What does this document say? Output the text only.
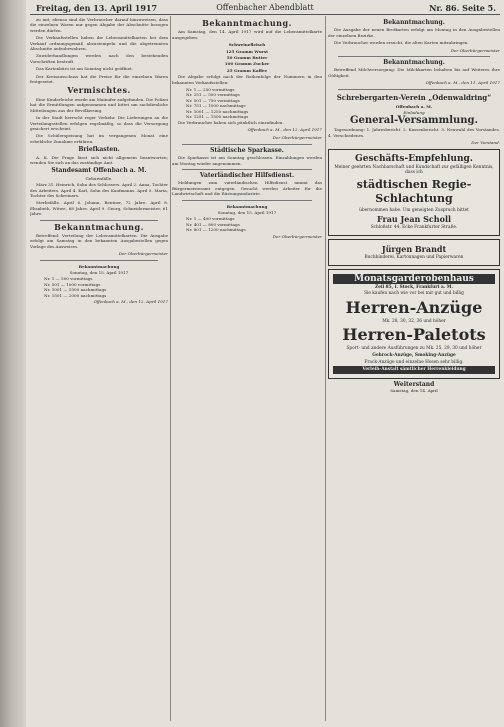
Freitag, den 13. April 1917	Offenbacher Abendblatt	Nr. 86. Seite 5.

zu mit; ebenso sind die Verbraucher darauf hinzuweisen, dass die einzelnen Waren nur gegen Abgabe der Abschnitte bezogen werden dürfen.

Die Verkaufsstellen haben die Lebensmittelkarten bei dem Verkauf ordnungsgemäß abzustempeln und die abgetrennten Abschnitte aufzubewahren.

Zuwiderhandlungen werden nach den bestehenden Vorschriften bestraft.

Das Kartenbüro ist am Sonntag nicht geöffnet.

Der Kreisausschuss hat die Preise für die einzelnen Waren festgesetzt.

Vermischtes.

Eine Kinderleiche wurde am Mainufer aufgefunden. Die Polizei hat die Ermittlungen aufgenommen und bittet um sachdienliche Mitteilungen aus der Bevölkerung.

In der Stadt herrscht reger Verkehr. Die Lieferungen an die Verteilungsstellen erfolgen regelmäßig, so dass die Versorgung gesichert erscheint.

Die Schülerspeisung hat im vergangenen Monat eine erhebliche Zunahme erfahren.

Briefkasten.

A. K. Die Frage lässt sich nicht allgemein beantworten; wenden Sie sich an das zuständige Amt.

Standesamt Offenbach a. M.
Geburtsfälle.

März 31. Heinrich, Sohn des Schlossers. April 2. Anna, Tochter des Arbeiters. April 4. Karl, Sohn des Kaufmanns. April 5. Maria, Tochter des Schreiners.

Sterbefälle. April 6. Johann, Rentner, 72 Jahre. April 8. Elisabeth, Witwe, 68 Jahre. April 9. Georg, Schneidermeister, 61 Jahre.

Bekanntmachung.

Betreffend: Verteilung der Lebensmittelkarten. Die Ausgabe erfolgt am Samstag in den bekannten Ausgabestellen gegen Vorlage des Ausweises.

Der Oberbürgermeister
Bekanntmachung
Sonntag, den 15. April 1917
Nr. 1 — 500 vormittags
Nr. 501 — 1000 vormittags
Nr. 1001 — 1500 nachmittags
Nr. 1501 — 2000 nachmittags
Offenbach a. M., den 12. April 1917
Bekanntmachung.

Am Samstag, den 14. April 1917 wird auf die Lebensmittelkarte ausgegeben:

Schweinefleisch
125 Gramm Wurst
50 Gramm Butter
100 Gramm Zucker
25 Gramm Kaffee

Die Abgabe erfolgt nach der Reihenfolge der Nummern in den bekannten Verkaufsstellen:

Nr. 1 — 250 vormittags
Nr. 251 — 500 vormittags
Nr. 501 — 750 vormittags
Nr. 751 — 1000 nachmittags
Nr. 1001 — 1250 nachmittags
Nr. 1251 — 1500 nachmittags

Die Verbraucher haben sich pünktlich einzufinden.

Offenbach a. M., den 12. April 1917
Der Oberbürgermeister
Städtische Sparkasse.

Die Sparkasse ist am Sonntag geschlossen. Einzahlungen werden am Montag wieder angenommen.

Vaterländischer Hilfsdienst.

Meldungen zum vaterländischen Hilfsdienst nimmt das Bürgermeisteramt entgegen. Gesucht werden Arbeiter für die Landwirtschaft und die Rüstungsindustrie.

Bekanntmachung
Sonntag, den 15. April 1917
Nr. 1 — 400 vormittags
Nr. 401 — 800 vormittags
Nr. 801 — 1200 nachmittags
Der Oberbürgermeister
Bekanntmachung.

Die Ausgabe der neuen Brotkarten erfolgt am Montag in den Ausgabestellen der einzelnen Bezirke.

Die Verbraucher werden ersucht, die alten Karten mitzubringen.

Der Oberbürgermeister
Bekanntmachung.

Betreffend Milchversorgung: Die Milchkarten behalten bis auf Weiteres ihre Gültigkeit.

Offenbach a. M., den 11. April 1917
Schrebergarten-Verein „Odenwaldring“
Offenbach a. M.
Einladung
General-Versammlung.

Tagesordnung: 1. Jahresbericht. 2. Kassenbericht. 3. Neuwahl des Vorstandes. 4. Verschiedenes.

Der Vorstand.
Geschäfts-Empfehlung.
Meiner geehrten Nachbarschaft und Kundschaft zur gefälligen Kenntnis, dass ich
städtischen Regie-Schlachtung
übernommen habe. Um geneigten Zuspruch bittet
Frau Jean Scholl
Schloßstr. 44, Ecke Frankfurter Straße.
Jürgen Brandt
Buchbinderei, Kartonnagen und Papierwaren
Monatsgarderobenhaus
Zeil 85, I. Stock, Frankfurt a. M.
Sie kaufen nach wie vor bei mir gut und billig
Herren-Anzüge
Mk. 28, 30, 32, 36 und höher
Herren-Paletots
Sport- und andere Ausführungen zu Mk. 25, 29, 30 und höher
Gehrock-Anzüge, Smoking-Anzüge
Frack-Anzüge und einzelne Hosen sehr billig.
Verleih-Anstalt sämtlicher Herrenkleidung
Weiterstand
Samstag, den 14. April
